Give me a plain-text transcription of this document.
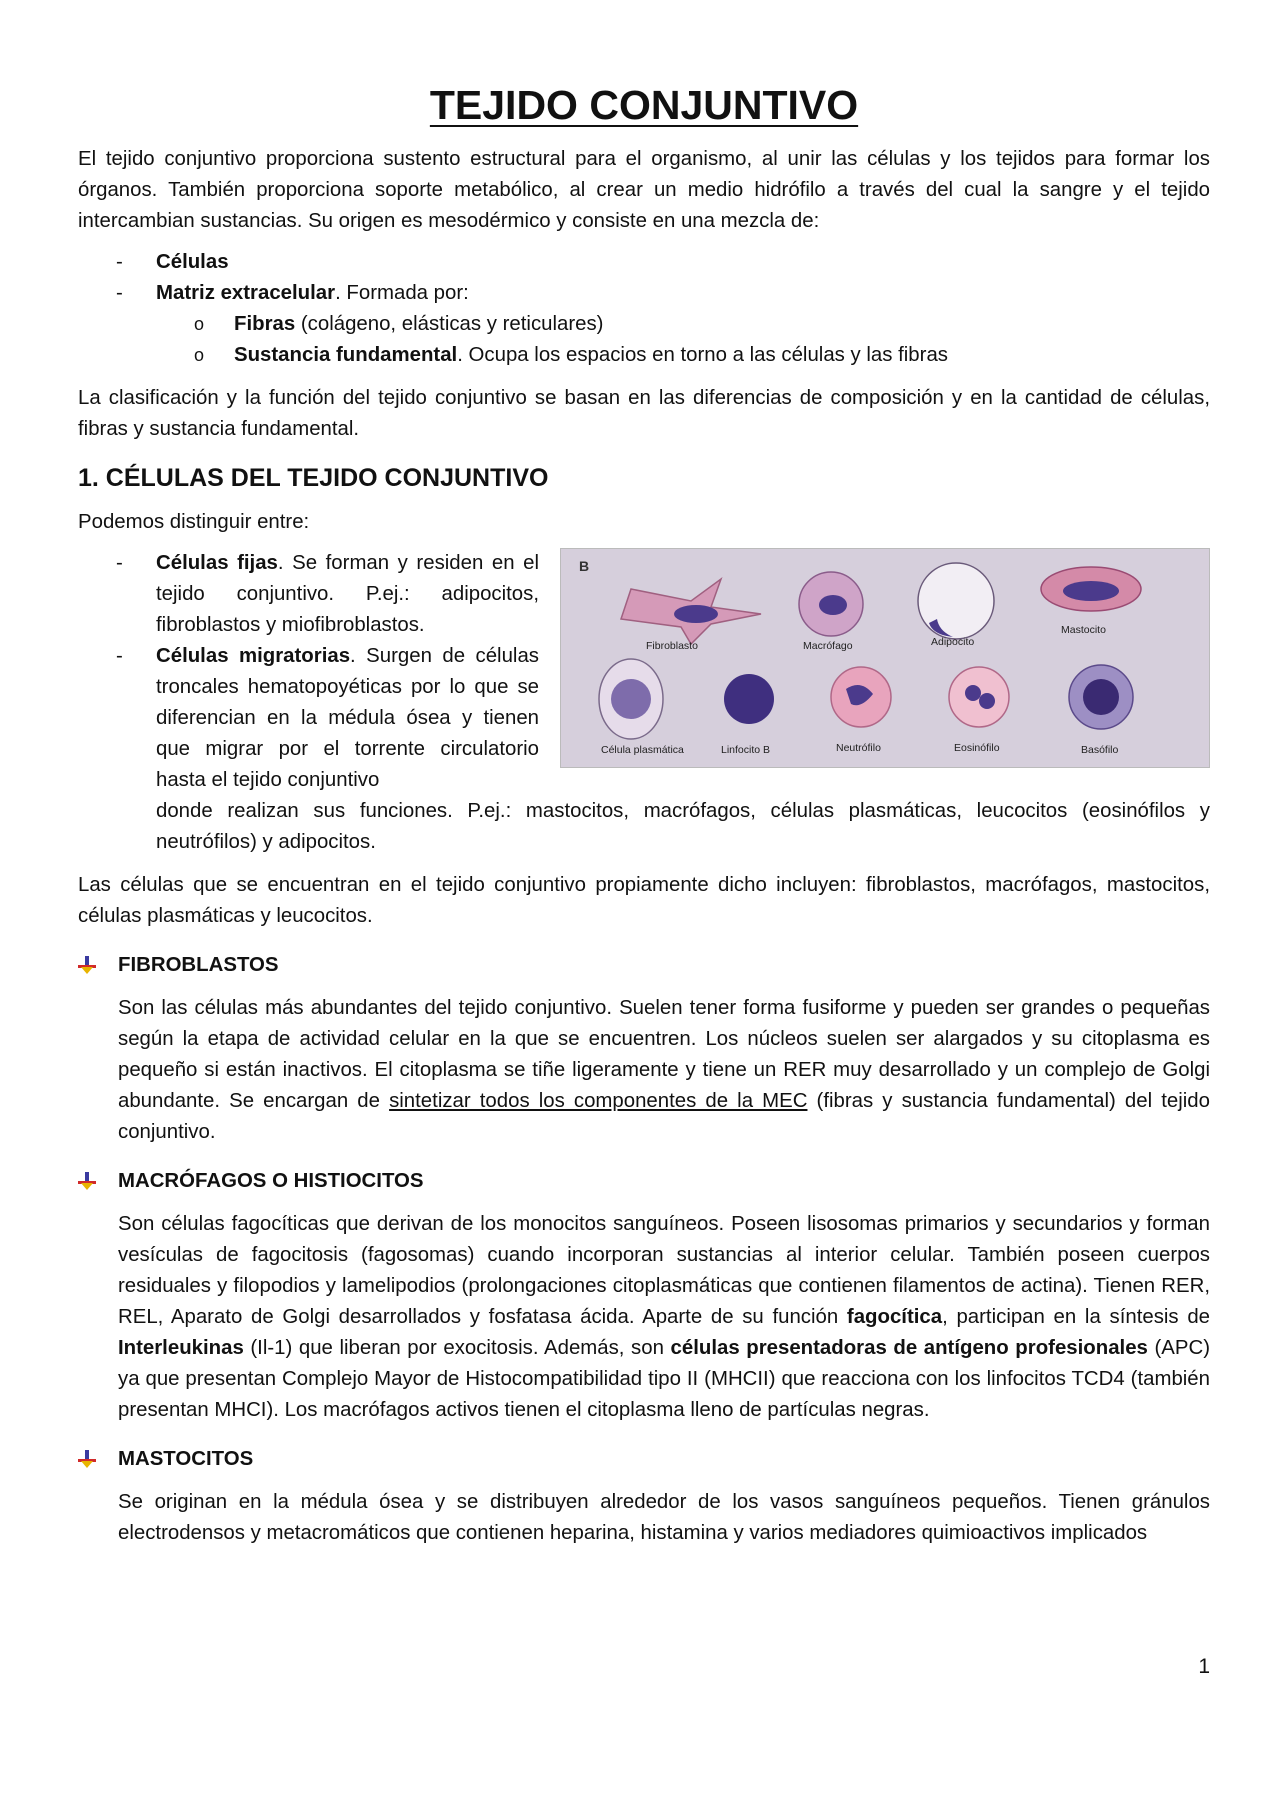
TEJIDO CONJUNTIVO

El tejido conjuntivo proporciona sustento estructural para el organismo, al unir las células y los tejidos para formar los órganos. También proporciona soporte metabólico, al crear un medio hidrófilo a través del cual la sangre y el tejido intercambian sustancias. Su origen es mesodérmico y consiste en una mezcla de:

- Células
- Matriz extracelular. Formada por:
o Fibras (colágeno, elásticas y reticulares)
o Sustancia fundamental. Ocupa los espacios en torno a las células y las fibras

La clasificación y la función del tejido conjuntivo se basan en las diferencias de composición y en la cantidad de células, fibras y sustancia fundamental.

1. CÉLULAS DEL TEJIDO CONJUNTIVO

Podemos distinguir entre:

B
Fibroblasto	Macrófago	Adipocito
Mastocito
Célula plasmática	Linfocito B	Neutrófilo	Eosinófilo	Basófilo
- Células fijas. Se forman y residen en el tejido conjuntivo. P.ej.: adipocitos, fibroblastos y miofibroblastos.
- Células migratorias. Surgen de células troncales hematopoyéticas por lo que se diferencian en la médula ósea y tienen que migrar por el torrente circulatorio hasta el tejido conjuntivo
donde realizan sus funciones. P.ej.: mastocitos, macrófagos, células plasmáticas, leucocitos (eosinófilos y neutrófilos) y adipocitos.

Las células que se encuentran en el tejido conjuntivo propiamente dicho incluyen: fibroblastos, macrófagos, mastocitos, células plasmáticas y leucocitos.

FIBROBLASTOS

Son las células más abundantes del tejido conjuntivo. Suelen tener forma fusiforme y pueden ser grandes o pequeñas según la etapa de actividad celular en la que se encuentren. Los núcleos suelen ser alargados y su citoplasma es pequeño si están inactivos. El citoplasma se tiñe ligeramente y tiene un RER muy desarrollado y un complejo de Golgi abundante. Se encargan de sintetizar todos los componentes de la MEC (fibras y sustancia fundamental) del tejido conjuntivo.

MACRÓFAGOS O HISTIOCITOS

Son células fagocíticas que derivan de los monocitos sanguíneos. Poseen lisosomas primarios y secundarios y forman vesículas de fagocitosis (fagosomas) cuando incorporan sustancias al interior celular. También poseen cuerpos residuales y filopodios y lamelipodios (prolongaciones citoplasmáticas que contienen filamentos de actina). Tienen RER, REL, Aparato de Golgi desarrollados y fosfatasa ácida. Aparte de su función fagocítica, participan en la síntesis de Interleukinas (Il-1) que liberan por exocitosis. Además, son células presentadoras de antígeno profesionales (APC) ya que presentan Complejo Mayor de Histocompatibilidad tipo II (MHCII) que reacciona con los linfocitos TCD4 (también presentan MHCI). Los macrófagos activos tienen el citoplasma lleno de partículas negras.

MASTOCITOS

Se originan en la médula ósea y se distribuyen alrededor de los vasos sanguíneos pequeños. Tienen gránulos electrodensos y metacromáticos que contienen heparina, histamina y varios mediadores quimioactivos implicados

1
